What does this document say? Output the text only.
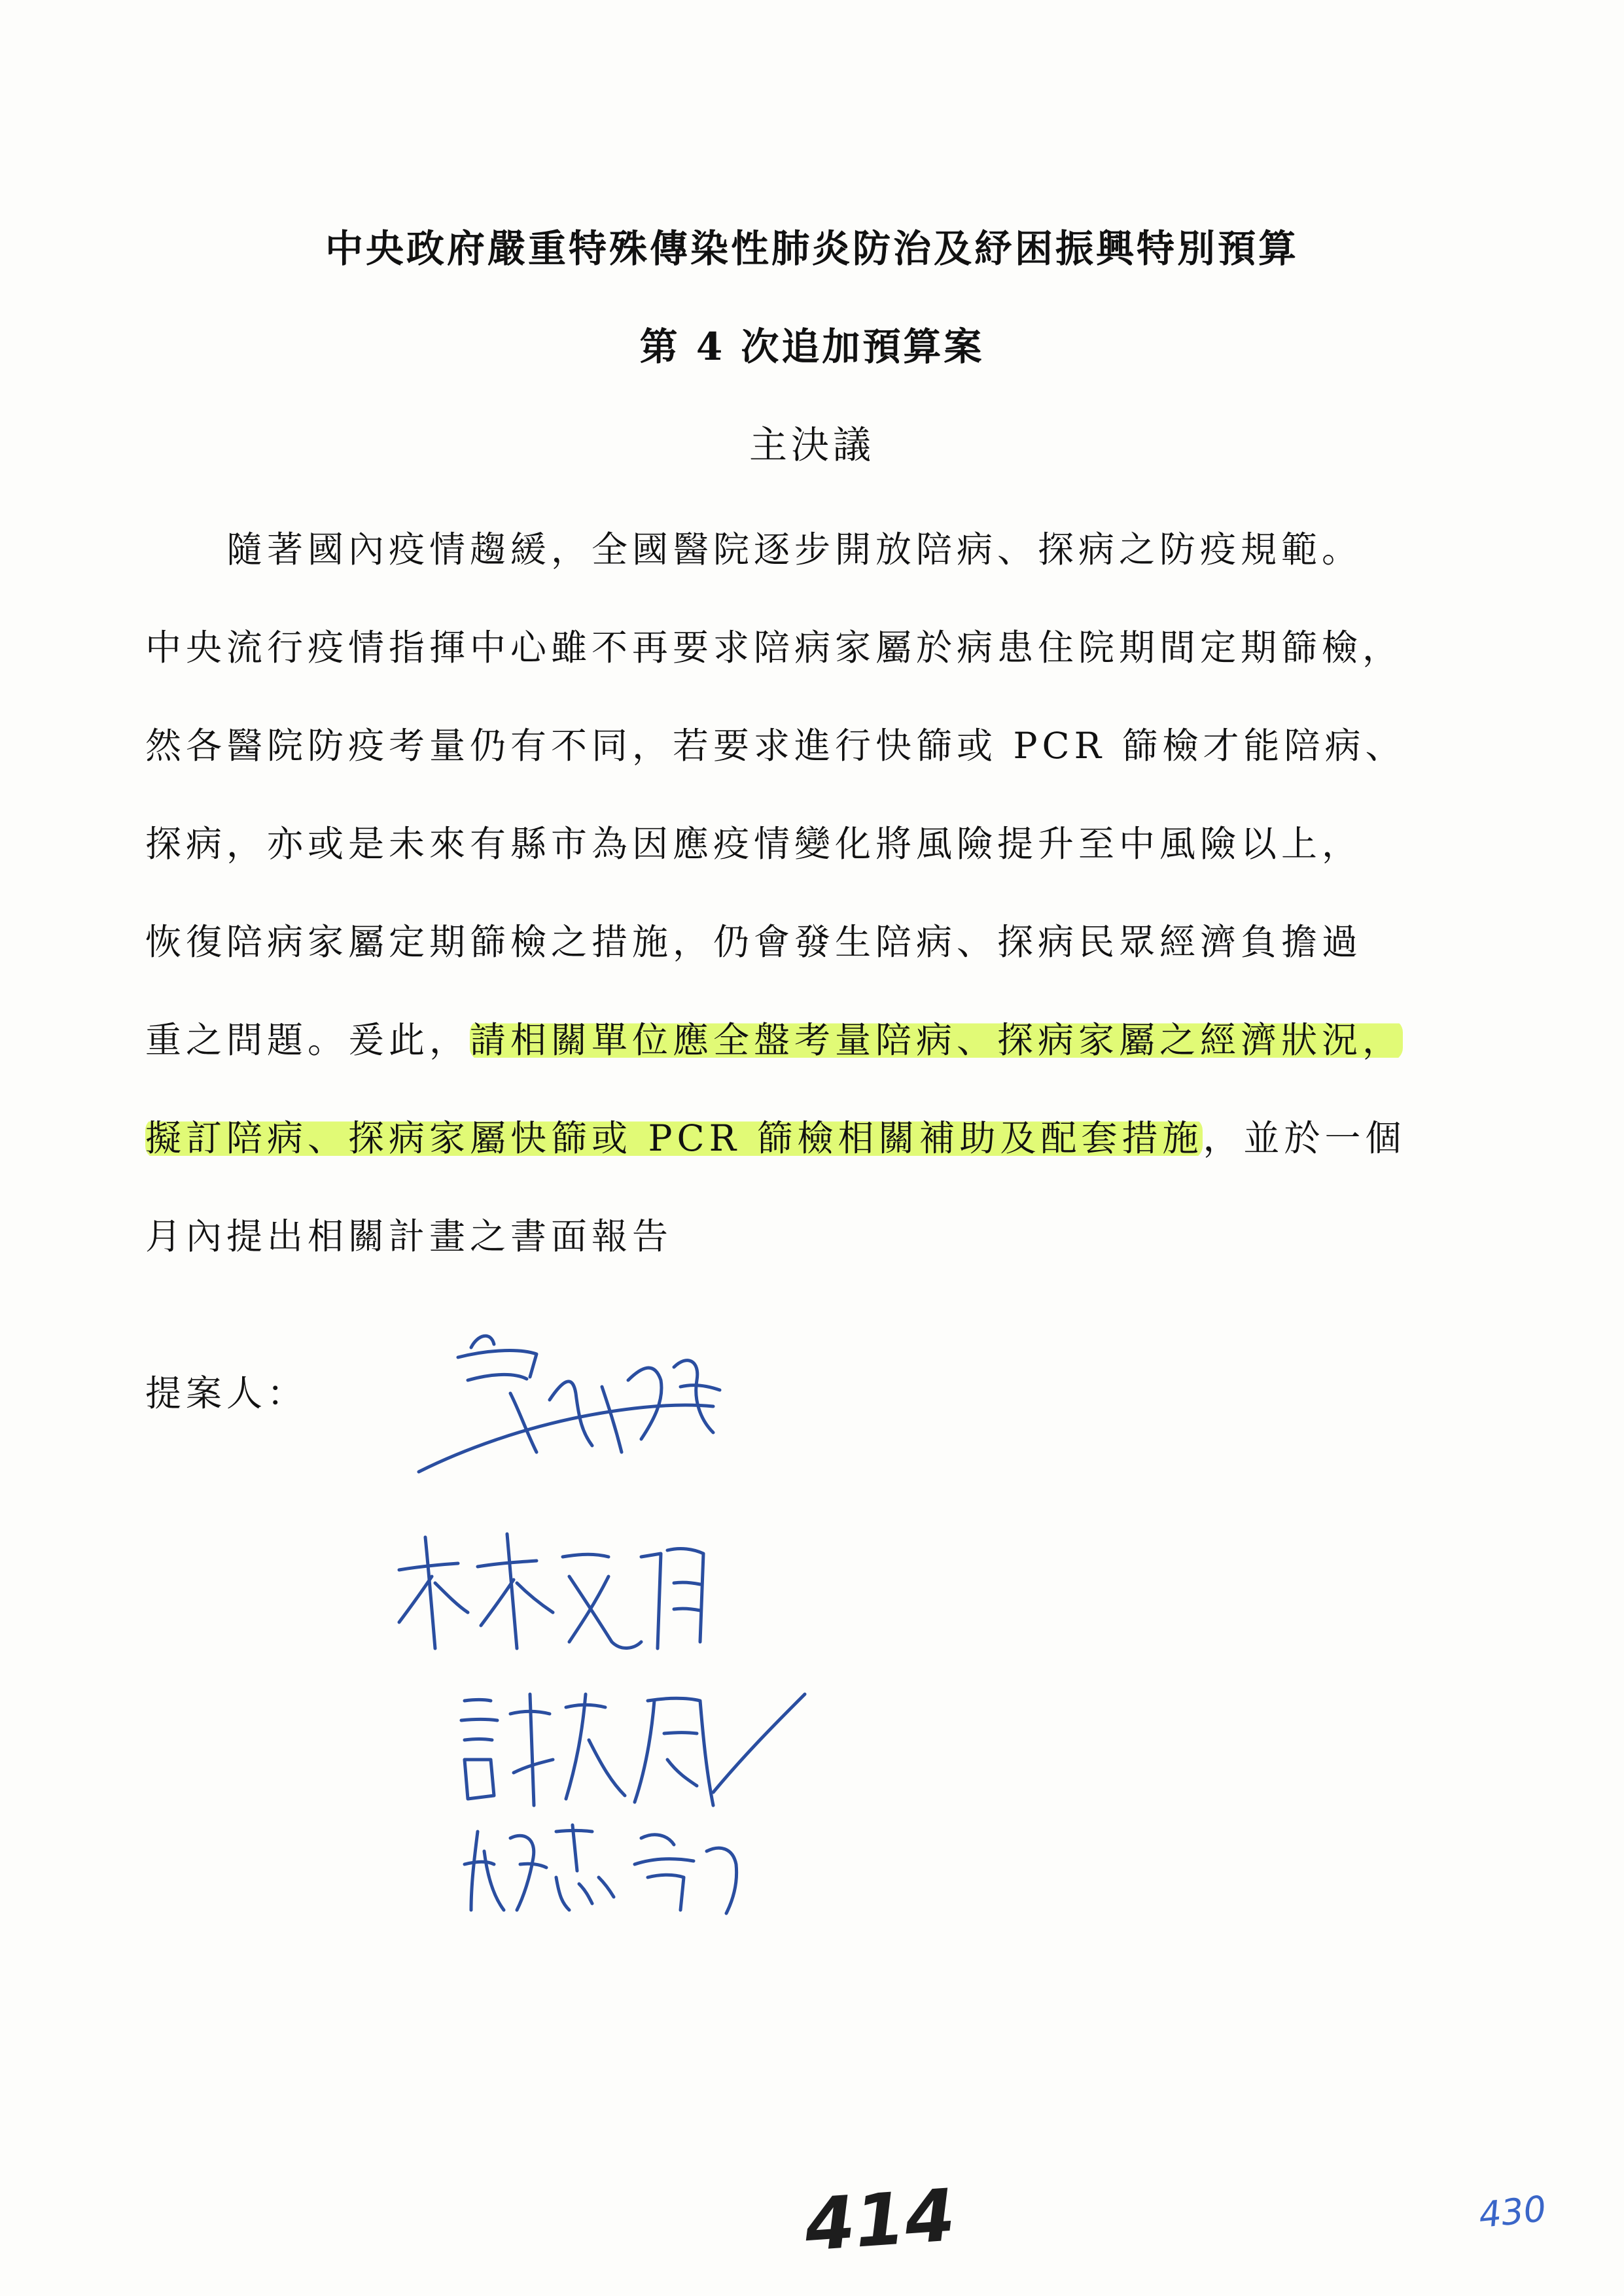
中央政府嚴重特殊傳染性肺炎防治及紓困振興特別預算
第 4 次追加預算案
主決議
　　隨著國內疫情趨緩，全國醫院逐步開放陪病、探病之防疫規範。
中央流行疫情指揮中心雖不再要求陪病家屬於病患住院期間定期篩檢，
然各醫院防疫考量仍有不同，若要求進行快篩或 PCR 篩檢才能陪病、
探病，亦或是未來有縣市為因應疫情變化將風險提升至中風險以上，
恢復陪病家屬定期篩檢之措施，仍會發生陪病、探病民眾經濟負擔過
重之問題。爰此，請相關單位應全盤考量陪病、探病家屬之經濟狀況，
擬訂陪病、探病家屬快篩或 PCR 篩檢相關補助及配套措施，並於一個
月內提出相關計畫之書面報告
提案人：
414	430
